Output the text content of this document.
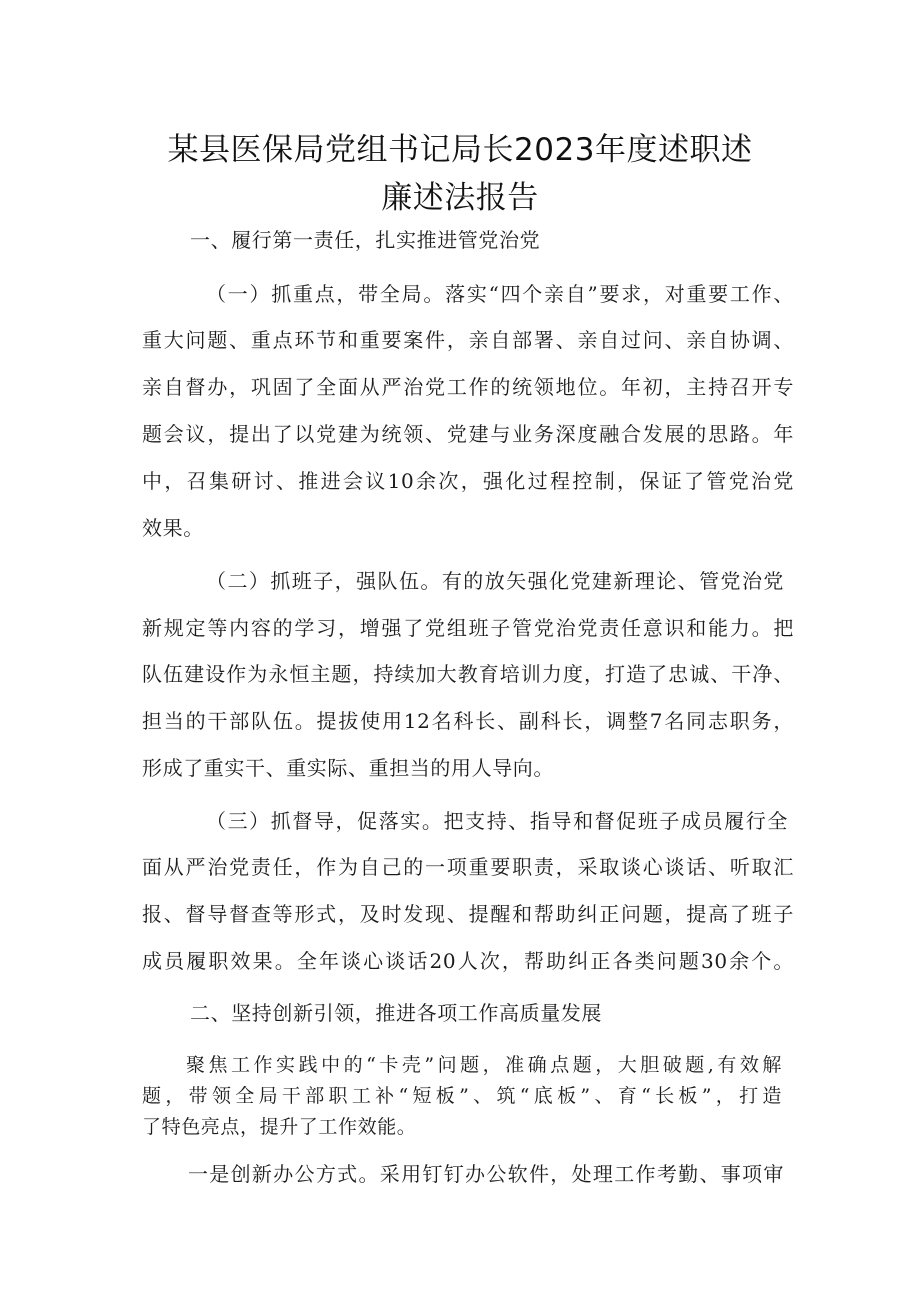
某县医保局党组书记局长2023年度述职述
廉述法报告
一、履行第一责任，扎实推进管党治党
（一）抓重点，带全局。落实“四个亲自”要求，对重要工作、
重大问题、重点环节和重要案件，亲自部署、亲自过问、亲自协调、
亲自督办，巩固了全面从严治党工作的统领地位。年初，主持召开专
题会议，提出了以党建为统领、党建与业务深度融合发展的思路。年
中，召集研讨、推进会议10余次，强化过程控制，保证了管党治党
效果。
（二）抓班子，强队伍。有的放矢强化党建新理论、管党治党
新规定等内容的学习，增强了党组班子管党治党责任意识和能力。把
队伍建设作为永恒主题，持续加大教育培训力度，打造了忠诚、干净、
担当的干部队伍。提拔使用12名科长、副科长，调整7名同志职务，
形成了重实干、重实际、重担当的用人导向。
（三）抓督导，促落实。把支持、指导和督促班子成员履行全
面从严治党责任，作为自己的一项重要职责，采取谈心谈话、听取汇
报、督导督查等形式，及时发现、提醒和帮助纠正问题，提高了班子
成员履职效果。全年谈心谈话20人次，帮助纠正各类问题30余个。
二、坚持创新引领，推进各项工作高质量发展
聚焦工作实践中的“卡壳”问题，准确点题，大胆破题,有效解
题，带领全局干部职工补“短板”、筑“底板”、育“长板”，打造
了特色亮点，提升了工作效能。
一是创新办公方式。采用钉钉办公软件，处理工作考勤、事项审
